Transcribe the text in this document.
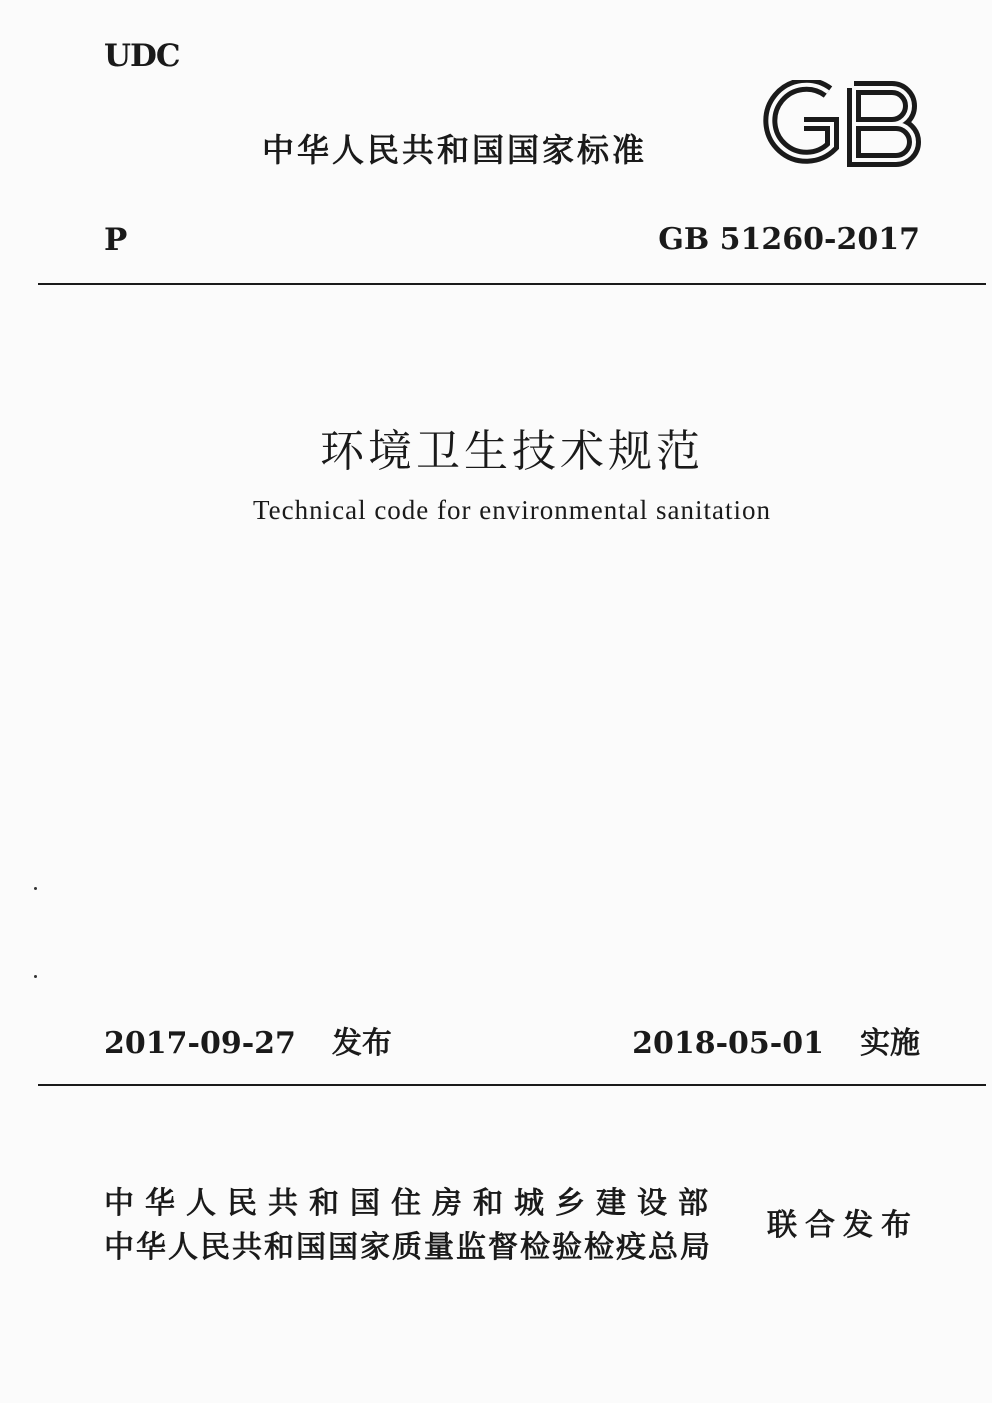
UDC
中华人民共和国国家标准
P	GB 51260-2017
环境卫生技术规范
Technical code for environmental sanitation
2017-09-27 发布	2018-05-01 实施
中华人民共和国住房和城乡建设部
中华人民共和国国家质量监督检验检疫总局
联合发布
